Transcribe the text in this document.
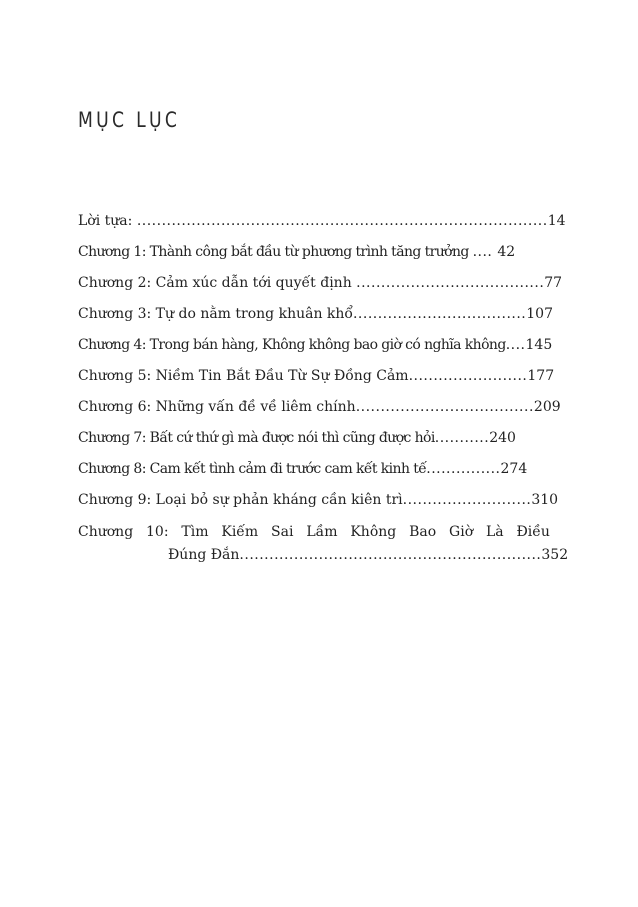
MỤC LỤC
Lời tựa: ...................................................................................14
Chương 1: Thành công bắt đầu từ phương trình tăng trưởng .... 42
Chương 2: Cảm xúc dẫn tới quyết định ......................................77
Chương 3: Tự do nằm trong khuân khổ...................................107
Chương 4: Trong bán hàng, Không không bao giờ có nghĩa không....145
Chương 5: Niềm Tin Bắt Đầu Từ Sự Đồng Cảm........................177
Chương 6: Những vấn đề về liêm chính....................................209
Chương 7: Bất cứ thứ gì mà được nói thì cũng được hỏi...........240
Chương 8: Cam kết tình cảm đi trước cam kết kinh tế...............274
Chương 9: Loại bỏ sự phản kháng cần kiên trì..........................310
Chương 10: Tìm Kiếm Sai Lầm Không Bao Giờ Là Điều
Đúng Đắn.............................................................352
